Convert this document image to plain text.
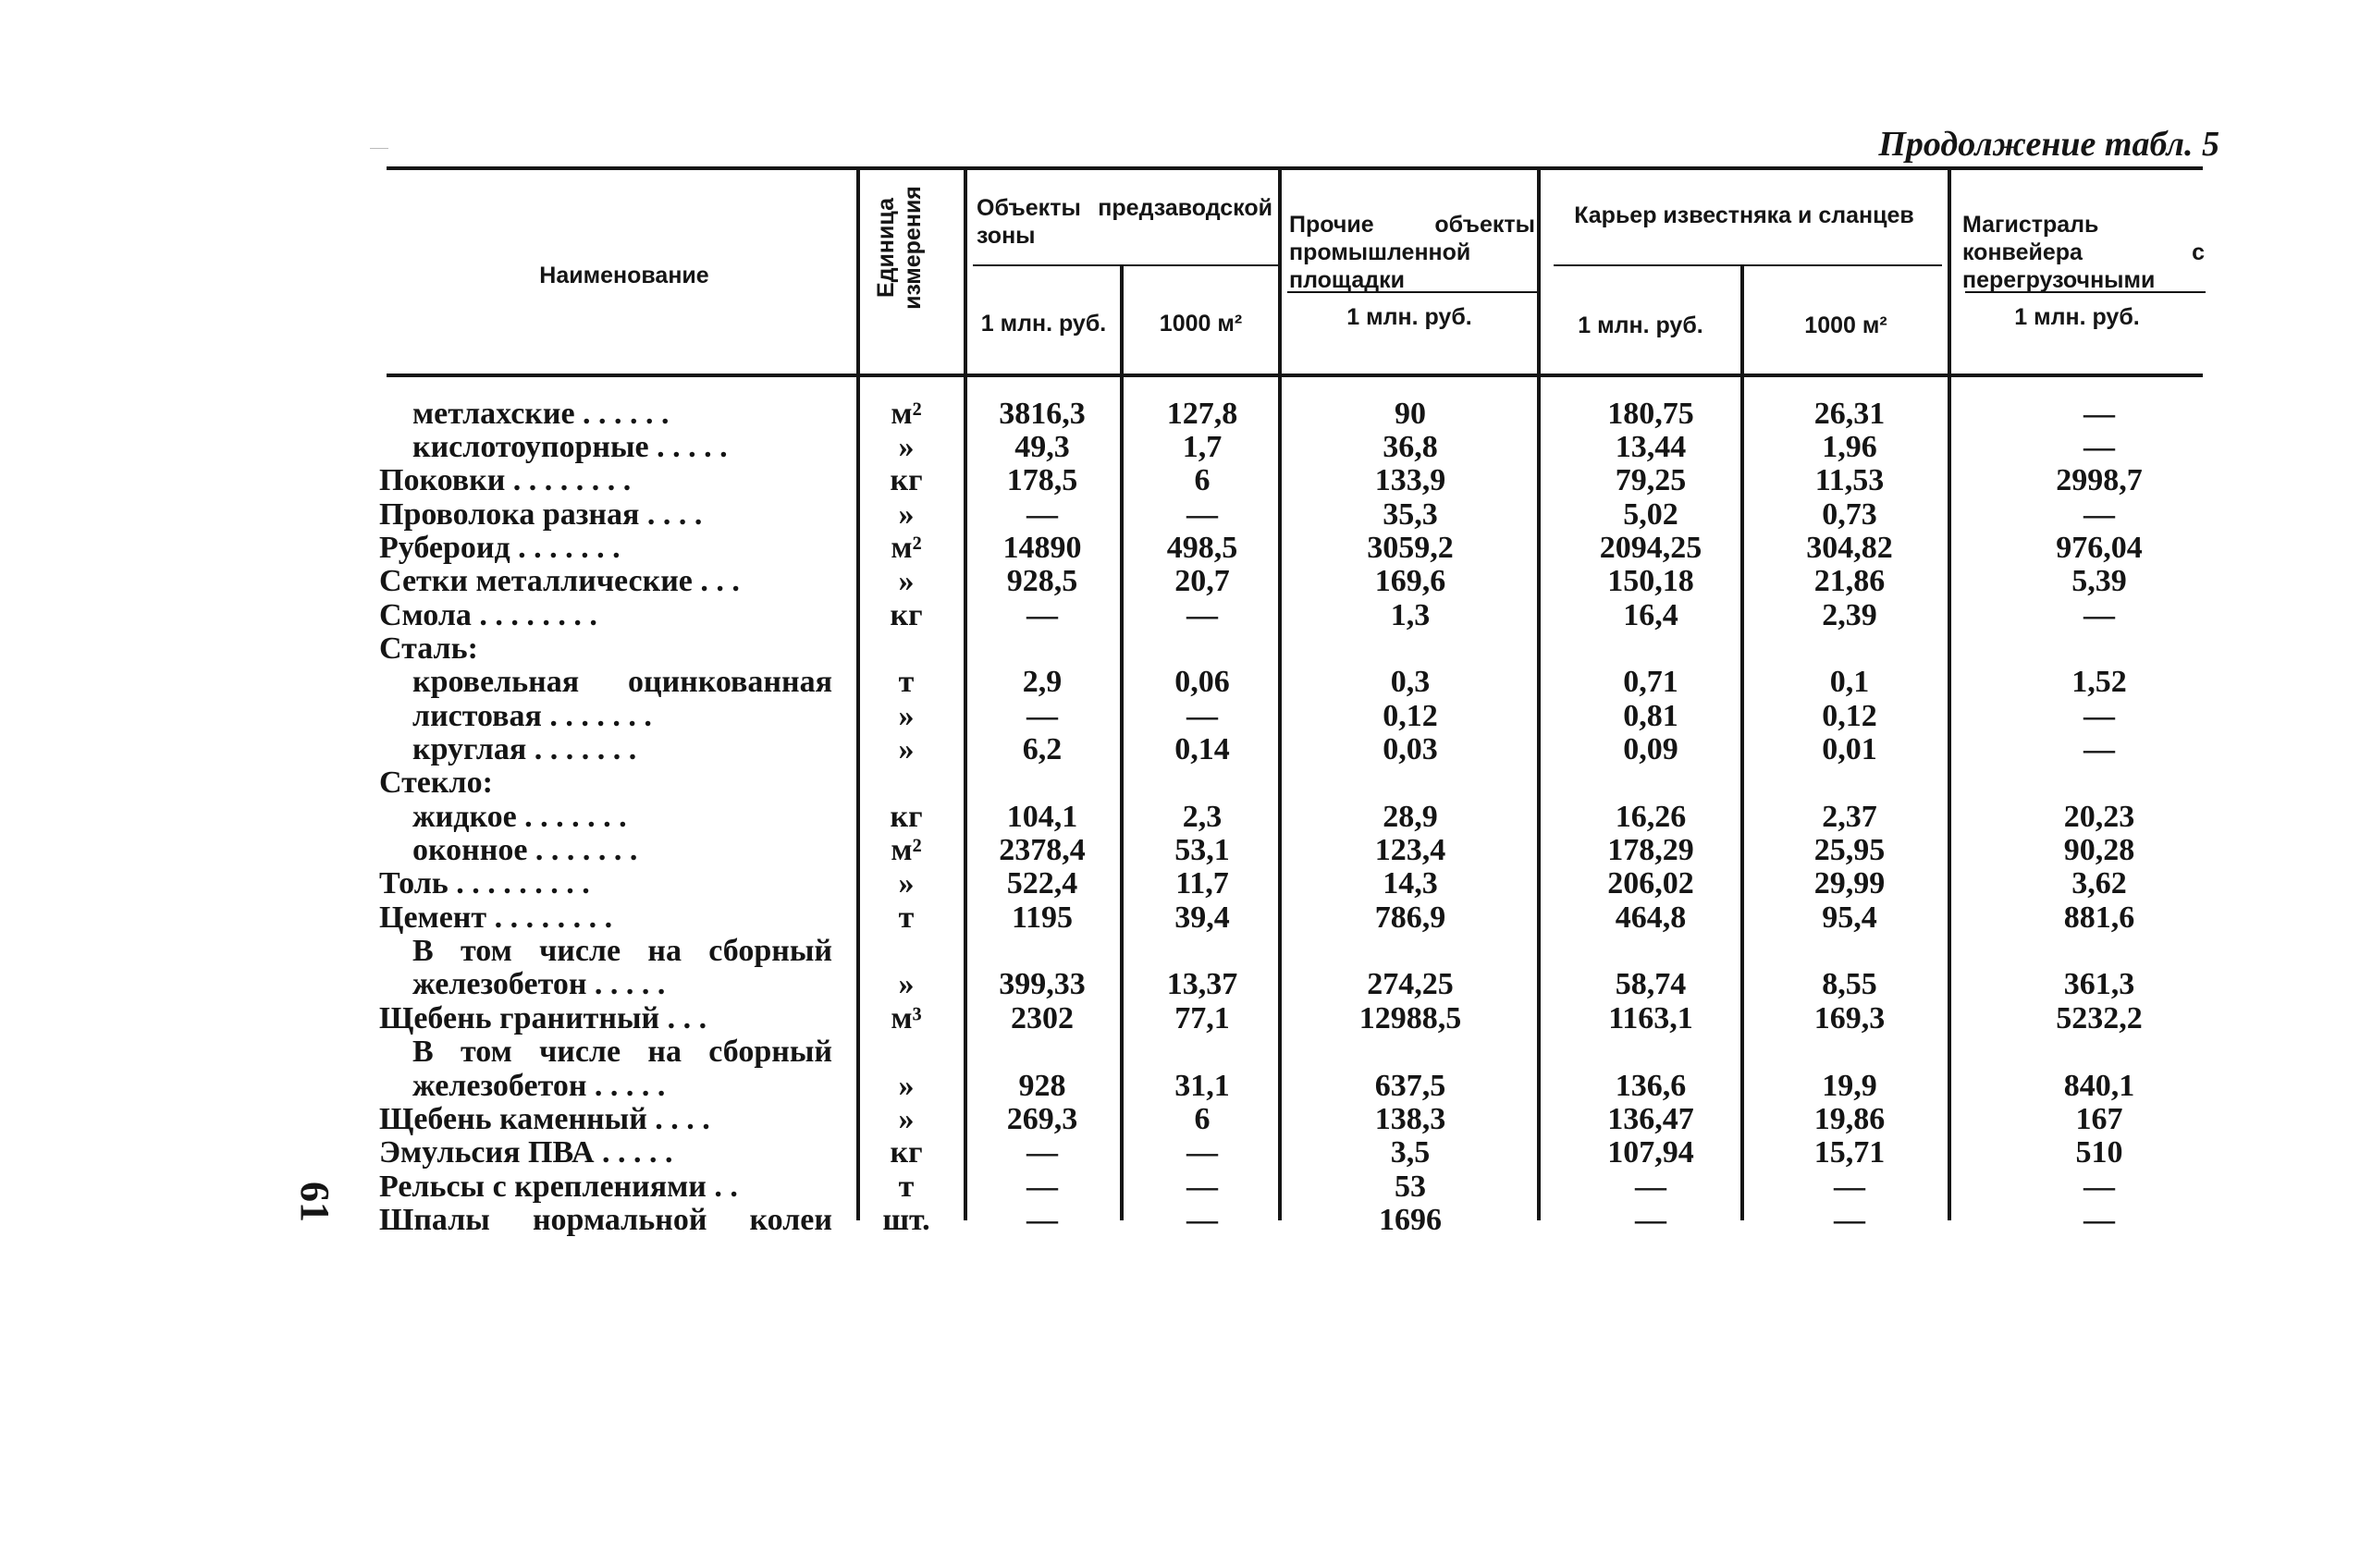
61
Продолжение табл. 5
Наименование	Единица измерения Объекты предзаводской зоны
1 млн. руб.	1000 м²
Прочие объекты промышленной площадки
1 млн. руб.
Карьер известняка и сланцев
1 млн. руб.	1000 м²
Магистраль конвейера с перегрузочными
1 млн. руб.
метлахские . . . . . .	м²	3816,3	127,8	90	180,75	26,31	—
кислотоупорные . . . . .	»	49,3	1,7	36,8	13,44	1,96	—
Поковки . . . . . . . .	кг	178,5	6	133,9	79,25	11,53	2998,7
Проволока разная . . . .	»	—	—	35,3	5,02	0,73	—
Рубероид . . . . . . .	м²	14890	498,5	3059,2	2094,25	304,82	976,04
Сетки металлические . . .	»	928,5	20,7	169,6	150,18	21,86	5,39
Смола . . . . . . . .	кг	—	—	1,3	16,4	2,39	—
Сталь:
кровельная оцинкованная	т	2,9	0,06	0,3	0,71	0,1	1,52
листовая . . . . . . .	»	—	—	0,12	0,81	0,12	—
круглая . . . . . . .	»	6,2	0,14	0,03	0,09	0,01	—
Стекло:
жидкое . . . . . . .	кг	104,1	2,3	28,9	16,26	2,37	20,23
оконное . . . . . . .	м²	2378,4	53,1	123,4	178,29	25,95	90,28
Толь . . . . . . . . .	»	522,4	11,7	14,3	206,02	29,99	3,62
Цемент . . . . . . . .	т	1195	39,4	786,9	464,8	95,4	881,6
В том числе на сборный
железобетон . . . . .	»	399,33	13,37	274,25	58,74	8,55	361,3
Щебень гранитный . . .	м³	2302	77,1	12988,5	1163,1	169,3	5232,2
В том числе на сборный
железобетон . . . . .	»	928	31,1	637,5	136,6	19,9	840,1
Щебень каменный . . . .	»	269,3	6	138,3	136,47	19,86	167
Эмульсия ПВА . . . . .	кг	—	—	3,5	107,94	15,71	510
Рельсы с креплениями . .	т	—	—	53	—	—	—
Шпалы нормальной колеи	шт.	—	—	1696	—	—	—
